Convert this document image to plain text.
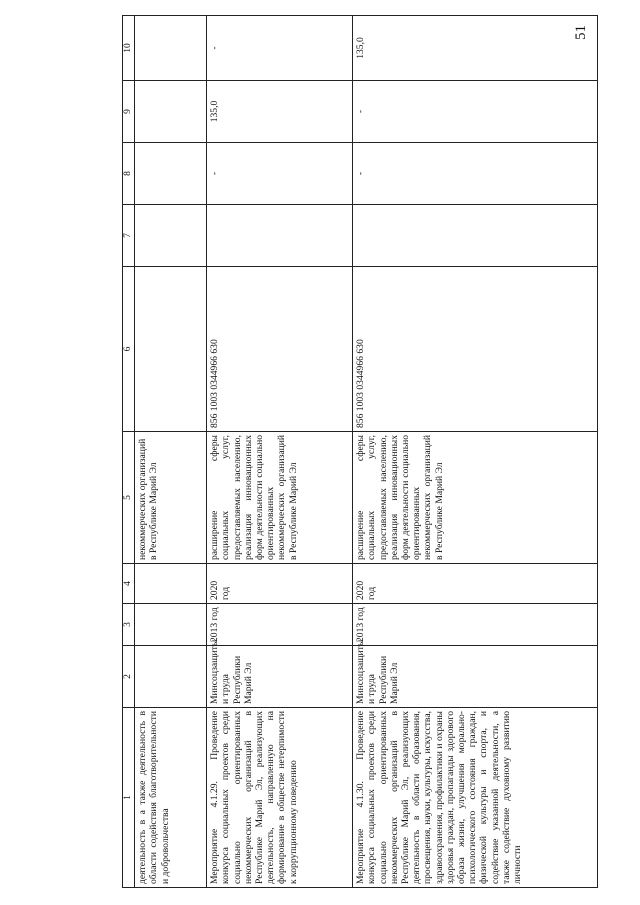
51
1	2	3	4	5	6	7	8	9	10
деятельность в а также деятельность в области содействия благотворительности и добровольчества				некоммерческих организаций в Республике Марий Эл					
Мероприятие 4.1.29. Проведение конкурса социальных проектов среди социально ориентированных некоммерческих организаций в Республике Марий Эл, реализующих деятельность, направленную на формирование в обществе нетерпимости к коррупционному поведению	Минсоцзащиты и труда Республики Марий Эл	2013 год	2020 год	расширение сферы социальных услуг, предоставляемых населению, реализация инновационных форм деятельности социально ориентированных некоммерческих организаций в Республике Марий Эл	856 1003 0344966 630		-	135,0	-
Мероприятие 4.1.30. Проведение конкурса социальных проектов среди социально ориентированных некоммерческих организаций в Республике Марий Эл, реализующих деятельность в области образования, просвещения, науки, культуры, искусства, здравоохранения, профилактики и охраны здоровья граждан, пропаганды здорового образа жизни, улучшения морально-психологического состояния граждан, физической культуры и спорта, и содействие указанной деятельности, а также содействие духовному развитию личности	Минсоцзащиты и труда Республики Марий Эл	2013 год	2020 год	расширение сферы социальных услуг, предоставляемых населению, реализация инновационных форм деятельности социально ориентированных некоммерческих организаций в Республике Марий Эл	856 1003 0344966 630		-	-	135,0
